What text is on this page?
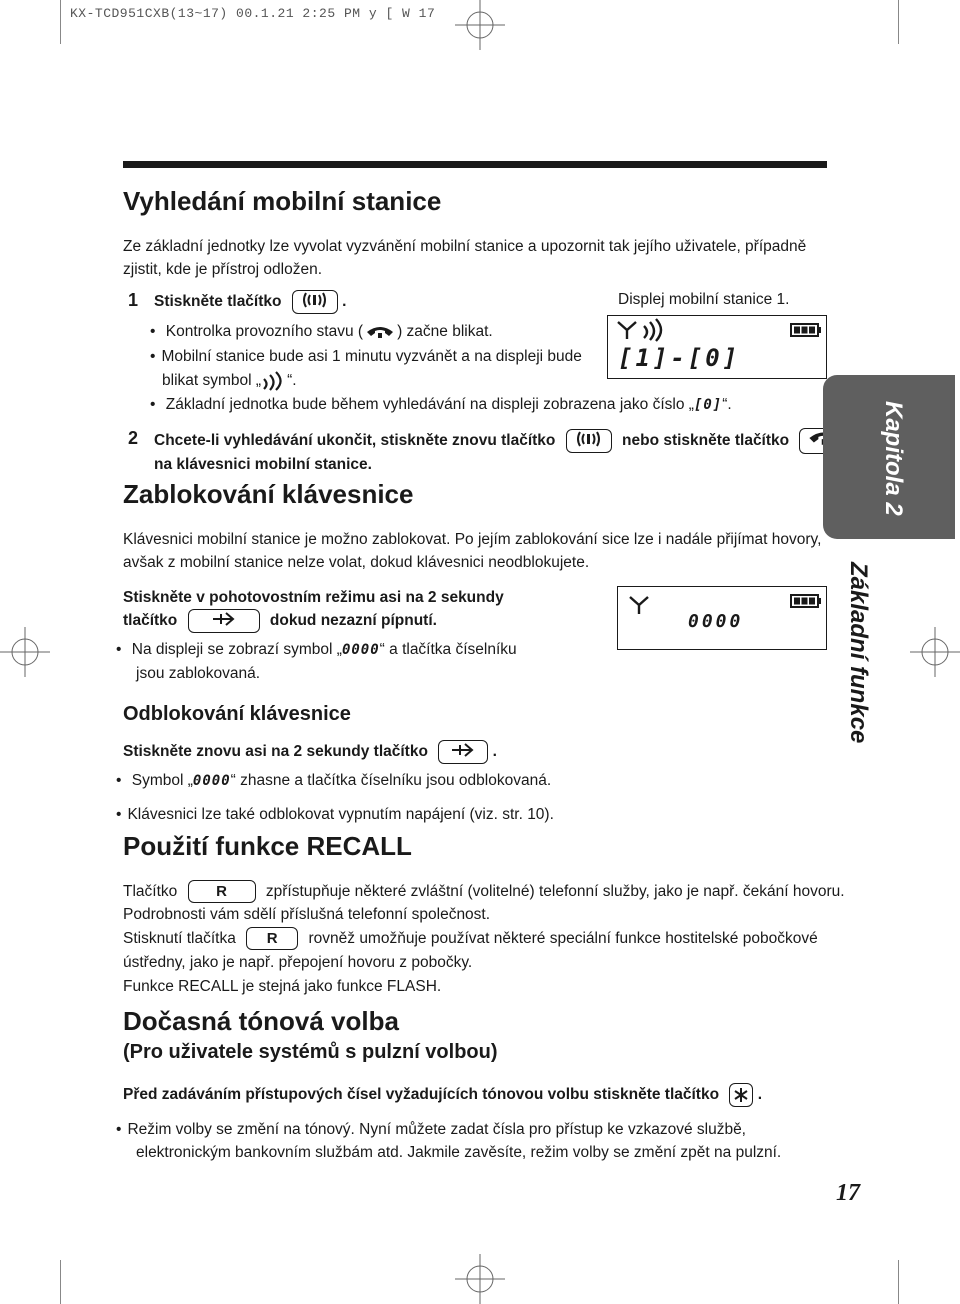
KX-TCD951CXB(13~17) 00.1.21 2:25 PM y [ W 17
Vyhledání mobilní stanice
Ze základní jednotky lze vyvolat vyzvánění mobilní stanice a upozornit tak jejího uživatele, případně
zjistit, kde je přístroj odložen.
1 Stiskněte tlačítko	.	Displej mobilní stanice 1.
[1]-[0]
• Kontrolka provozního stavu ( ) začne blikat.
• Mobilní stanice bude asi 1 minutu vyzvánět a na displeji bude
blikat symbol „ “.
• Základní jednotka bude během vyhledávání na displeji zobrazena jako číslo „[0]“.
2 Chcete-li vyhledávání ukončit, stiskněte znovu tlačítko	nebo stiskněte tlačítko
na klávesnici mobilní stanice.
Zablokování klávesnice
Klávesnici mobilní stanice je možno zablokovat. Po jejím zablokování sice lze i nadále přijímat hovory,
avšak z mobilní stanice nelze volat, dokud klávesnici neodblokujete.
Stiskněte v pohotovostním režimu asi na 2 sekundy
tlačítko	dokud nezazní pípnutí.	0000
• Na displeji se zobrazí symbol „0000“ a tlačítka číselníku
jsou zablokovaná.
Odblokování klávesnice
Stiskněte znovu asi na 2 sekundy tlačítko	.
• Symbol „0000“ zhasne a tlačítka číselníku jsou odblokovaná.
• Klávesnici lze také odblokovat vypnutím napájení (viz. str. 10).
Použití funkce RECALL
Tlačítko	R	zpřístupňuje některé zvláštní (volitelné) telefonní služby, jako je např. čekání hovoru.
Podrobnosti vám sdělí příslušná telefonní společnost.
Stisknutí tlačítka R rovněž umožňuje používat některé speciální funkce hostitelské pobočkové
ústředny, jako je např. přepojení hovoru z pobočky.
Funkce RECALL je stejná jako funkce FLASH.
Dočasná tónová volba
(Pro uživatele systémů s pulzní volbou)
Před zadáváním přístupových čísel vyžadujících tónovou volbu stiskněte tlačítko .
• Režim volby se změní na tónový. Nyní můžete zadat čísla pro přístup ke vzkazové službě,
elektronickým bankovním službám atd. Jakmile zavěsíte, režim volby se změní zpět na pulzní.
Kapitola 2
Základní funkce
17
